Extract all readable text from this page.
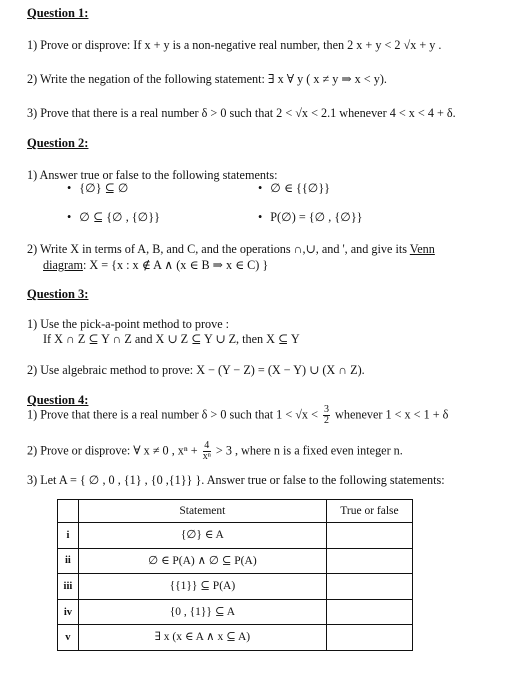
Question 1:
1) Prove or disprove: If x + y is a non-negative real number, then 2 x + y < 2 √x + y .
2) Write the negation of the following statement: ∃ x ∀ y ( x ≠ y ⇒ x < y).
3) Prove that there is a real number δ > 0 such that 2 < √x < 2.1 whenever 4 < x < 4 + δ.
Question 2:
1) Answer true or false to the following statements:
• {∅} ⊆ ∅	• ∅ ∈ {{∅}}
• ∅ ⊆ {∅ , {∅}}	• P(∅) = {∅ , {∅}}
2) Write X in terms of A, B, and C, and the operations ∩,∪, and ', and give its Venn
diagram: X = {x : x ∉ A ∧ (x ∈ B ⇒ x ∈ C) }
Question 3:
1) Use the pick-a-point method to prove :
If X ∩ Z ⊆ Y ∩ Z and X ∪ Z ⊆ Y ∪ Z, then X ⊆ Y
2) Use algebraic method to prove: X − (Y − Z) = (X − Y) ∪ (X ∩ Z).
Question 4:
1) Prove that there is a real number δ > 0 such that $1 < √x < \frac{3}{2}$ whenever 1 < x < 1 + δ
2) Prove or disprove: ∀ x ≠ 0 , $x^n + \frac{4}{\text{xⁿ}} > 3$ , where n is a fixed even integer n.
3) Let A = { ∅ , 0 , {1} , {0 ,{1}} }. Answer true or false to the following statements:
	Statement	True or false
i	{∅} ∈ A	
ii	∅ ∈ P(A) ∧ ∅ ⊆ P(A)	
iii	{{1}} ⊆ P(A)	
iv	{0 , {1}} ⊆ A	
v	∃ x (x ∈ A ∧ x ⊆ A)	
